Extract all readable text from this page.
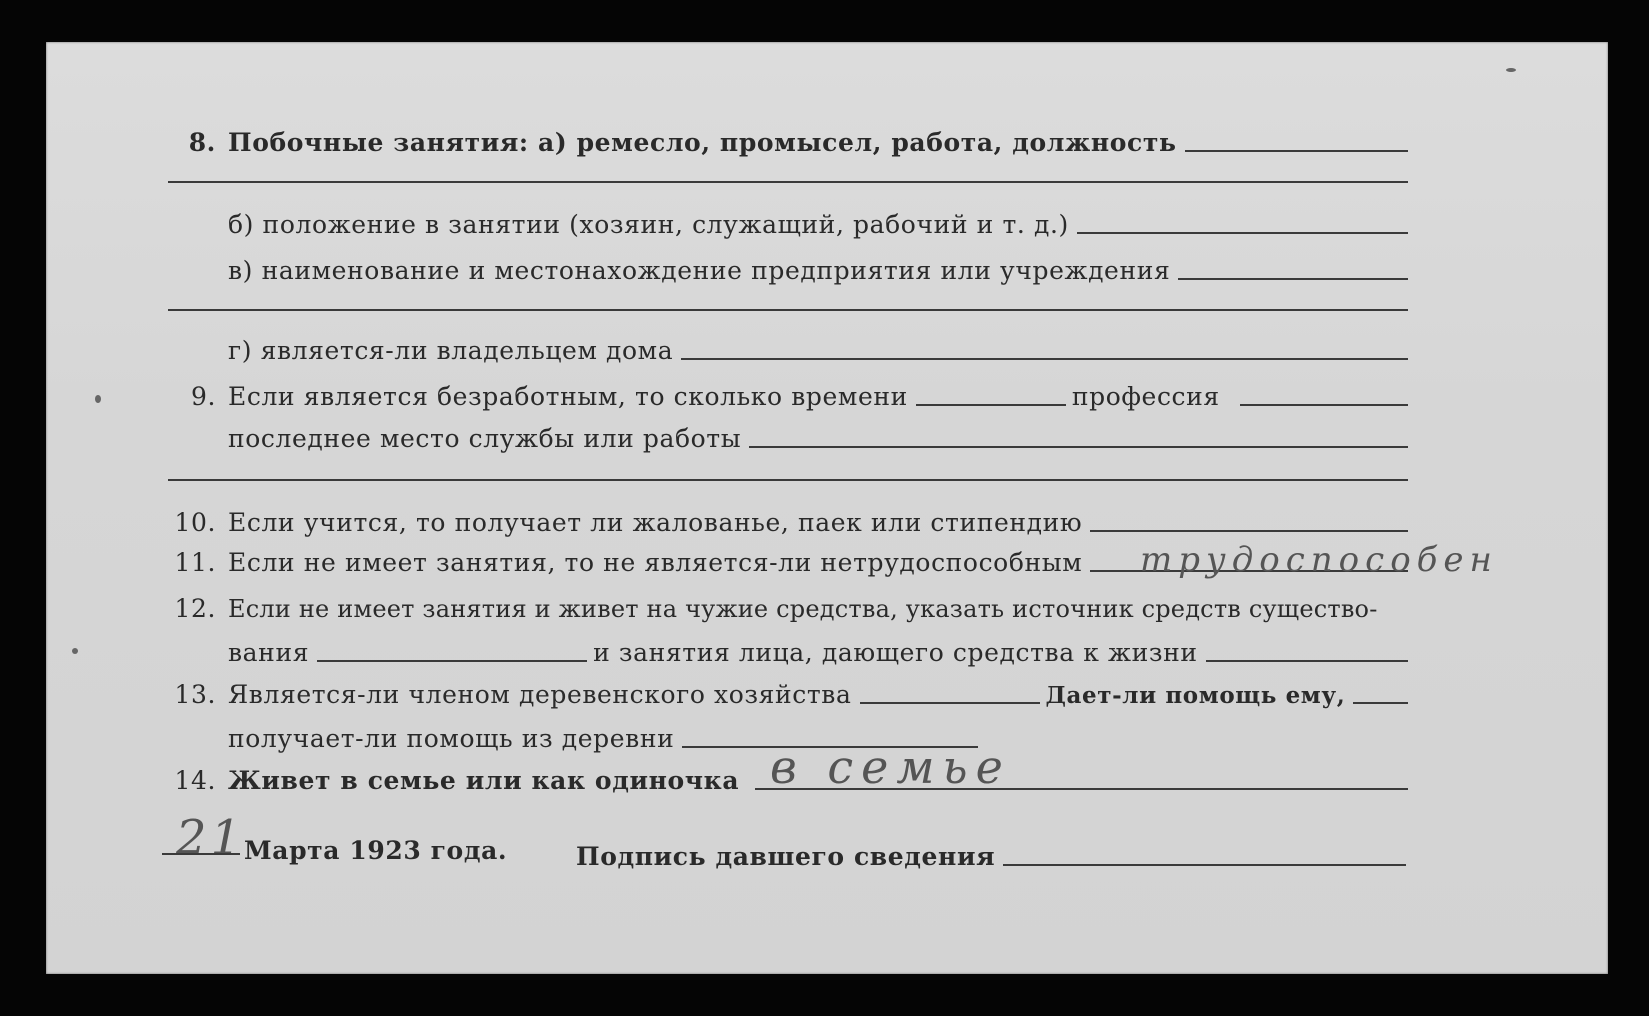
8. Побочные занятия: а) ремесло, промысел, работа, должность
б) положение в занятии (хозяин, служащий, рабочий и т. д.)
в) наименование и местонахождение предприятия или учреждения
г) является-ли владельцем дома
9. Если является безработным, то сколько времени	профессия
последнее место службы или работы
10. Если учится, то получает ли жалованье, паек или стипендию
11. Если не имеет занятия, то не является-ли нетрудоспособным трудоспособен
12. Если не имеет занятия и живет на чужие средства, указать источник средств существо-
вания	и занятия лица, дающего средства к жизни
13. Является-ли членом деревенского хозяйства	Дает-ли помощь ему,
получает-ли помощь из деревни
14. Живет в семье или как одиночка в семье
21
Марта 1923 года.	Подпись давшего сведения
